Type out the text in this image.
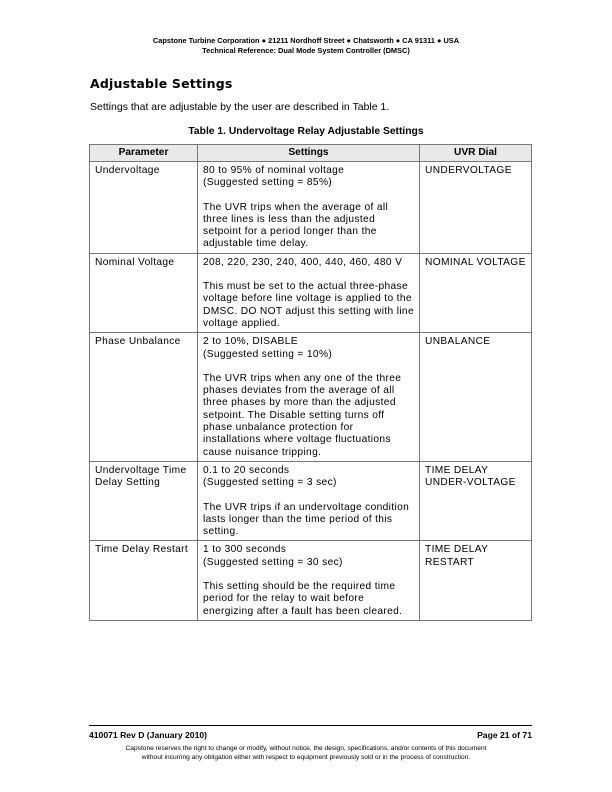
Capstone Turbine Corporation ● 21211 Nordhoff Street ● Chatsworth ● CA 91311 ● USA
Technical Reference: Dual Mode System Controller (DMSC)
Adjustable Settings
Settings that are adjustable by the user are described in Table 1.
Table 1. Undervoltage Relay Adjustable Settings
Parameter	Settings	UVR Dial
Undervoltage	80 to 95% of nominal voltage

(Suggested setting = 85%)

The UVR trips when the average of all three lines is less than the adjusted setpoint for a period longer than the adjustable time delay.	UNDERVOLTAGE
Nominal Voltage	208, 220, 230, 240, 400, 440, 460, 480 V

This must be set to the actual three-phase voltage before line voltage is applied to the DMSC. DO NOT adjust this setting with line voltage applied.	NOMINAL VOLTAGE
Phase Unbalance	2 to 10%, DISABLE

(Suggested setting = 10%)

The UVR trips when any one of the three phases deviates from the average of all three phases by more than the adjusted setpoint. The Disable setting turns off phase unbalance protection for installations where voltage fluctuations cause nuisance tripping.	UNBALANCE
Undervoltage Time Delay Setting	0.1 to 20 seconds

(Suggested setting = 3 sec)

The UVR trips if an undervoltage condition lasts longer than the time period of this setting.	TIME DELAY UNDER-VOLTAGE
Time Delay Restart	1 to 300 seconds

(Suggested setting = 30 sec)

This setting should be the required time period for the relay to wait before energizing after a fault has been cleared.	TIME DELAY RESTART
410071 Rev D (January 2010)	Page 21 of 71
Capstone reserves the right to change or modify, without notice, the design, specifications, and/or contents of this document
without incurring any obligation either with respect to equipment previously sold or in the process of construction.
